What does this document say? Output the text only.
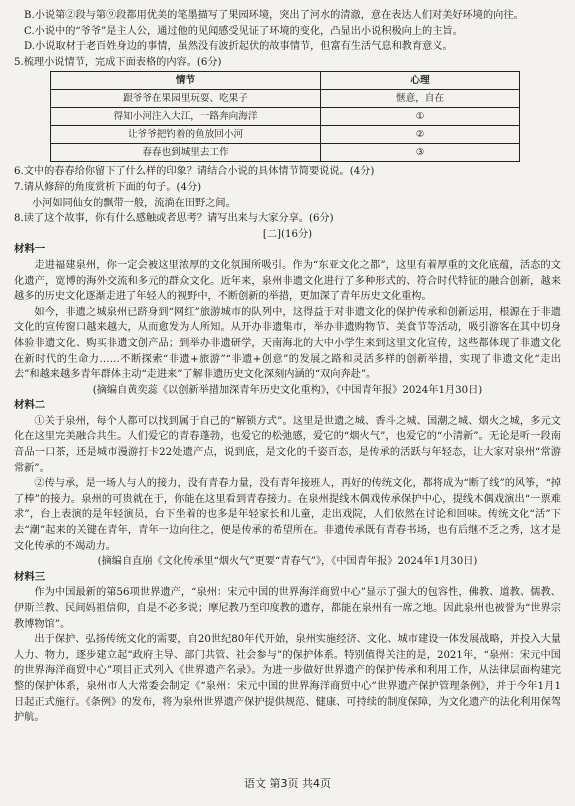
B.小说第②段与第⑨段都用优美的笔墨描写了果园环境，突出了河水的清澈，意在表达人们对美好环境的向往。

C.小说中的“爷爷”是主人公，通过他的见闻感受见证了环境的变化，凸显出小说积极向上的主旨。

D.小说取材于老百姓身边的事情，虽然没有波折起伏的故事情节，但富有生活气息和教育意义。

5.梳理小说情节，完成下面表格的内容。(6分)

情节	心理
跟爷爷在果园里玩耍、吃果子	惬意，自在
得知小河注入大江，一路奔向海洋	①
让爷爷把钓着的鱼放回小河	②
春春也到城里去工作	③

6.文中的春春给你留下了什么样的印象？请结合小说的具体情节简要说说。(4分)

7.请从修辞的角度赏析下面的句子。(4分)

小河如同仙女的飘带一般，流淌在田野之间。

8.读了这个故事，你有什么感触或者思考？请写出来与大家分享。(6分)

[二](16分)

材料一

走进福建泉州，你一定会被这里浓厚的文化氛围所吸引。作为“东亚文化之都”，这里有着厚重的文化底蕴，活态的文化遗产，宽博的海外交流和多元的群众文化。近年来，泉州非遗文化进行了多种形式的、符合时代特征的融合创新，越来越多的历史文化逐渐走进了年轻人的视野中，不断创新的举措，更加深了青年历史文化重构。

如今，非遗之城泉州已跻身到“网红”旅游城市的队列中，这得益于对非遗文化的保护传承和创新运用，根源在于非遗文化的宣传窗口越来越大，从而愈发为人所知。从开办非遗集市，举办非遗购物节、美食节等活动，吸引游客在其中切身体验非遗文化、购买非遗文创产品；到举办非遗研学，天南海北的大中小学生来到这里文化宣传，这些都体现了非遗文化在新时代的生命力……不断探索“非遗+旅游”“非遗+创意”的发展之路和灵活多样的创新举措，实现了非遗文化“走出去”和越来越多青年群体主动“走进来”了解非遗历史文化深刻内涵的“双向奔赴”。

(摘编自黄奕蕊《以创新举措加深青年历史文化重构》，《中国青年报》2024年1月30日)

材料二

①关于泉州，每个人都可以找到属于自己的“解锁方式”。这里是世遗之城、香斗之城、国潮之城、烟火之城，多元文化在这里完美融合共生。人们爱它的青春蓬勃，也爱它的松弛感，爱它的“烟火气”，也爱它的“小清新”。无论是听一段南音品一口茶，还是城市漫游打卡22处遗产点，说到底，是文化的千姿百态，是传承的活跃与年轻态，让大家对泉州“常游常新”。

②传与承，是一场人与人的接力，没有青春力量，没有青年接班人，再好的传统文化，都将成为“断了线”的风筝，“掉了棒”的接力。泉州的可贵就在于，你能在这里看到青春接力。在泉州提线木偶戏传承保护中心，提线木偶戏演出“一票难求”，台上表演的是年轻演员，台下坐着的也多是年轻家长和儿童，走出戏院，人们依然在讨论和回味。传统文化“活”下去“潮”起来的关键在青年，青年一边向往之，便是传承的希望所在。非遗传承既有青春书场，也有后继不乏之秀，这才是文化传承的不竭动力。

(摘编自直崩《文化传承里“烟火气”更要“青春气”》，《中国青年报》2024年1月30日)

材料三

作为中国最新的第56项世界遗产，“泉州：宋元中国的世界海洋商贸中心”显示了强大的包容性，佛教、道教、儒教、伊斯兰教、民间妈祖信仰，自是不必多说；摩尼教乃至印度教的遗存，都能在泉州有一席之地。因此泉州也被誉为“世界宗教博物馆”。

出于保护、弘扬传统文化的需要，自20世纪80年代开始，泉州实施经济、文化、城市建设一体发展战略，并投入大量人力、物力，逐步建立起“政府主导、部门共管、社会参与”的保护体系。特别值得关注的是，2021年，“泉州：宋元中国的世界海洋商贸中心”项目正式列入《世界遗产名录》。为进一步做好世界遗产的保护传承和利用工作，从法律层面构建完整的保护体系，泉州市人大常委会制定《“泉州：宋元中国的世界海洋商贸中心”世界遗产保护管理条例》，并于今年1月1日起正式施行。《条例》的发布，将为泉州世界遗产保护提供规范、健康、可持续的制度保障，为文化遗产的法化利用保驾护航。

语文 第3页 共4页
